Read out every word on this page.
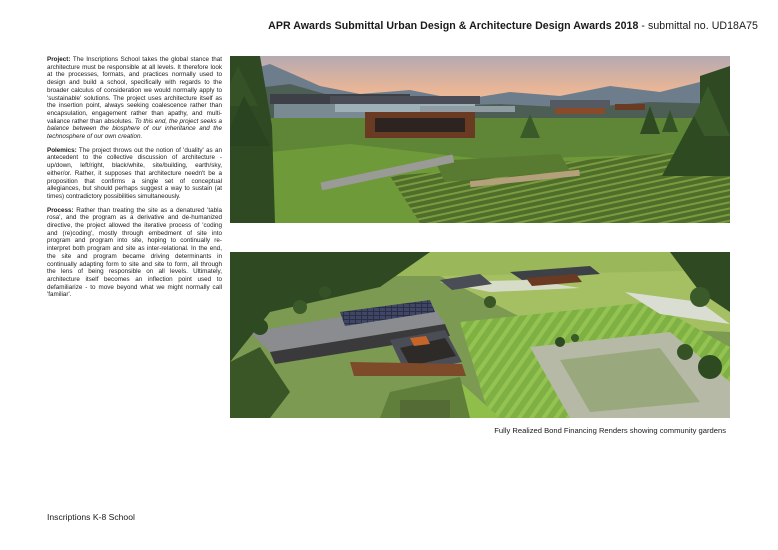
APR Awards Submittal Urban Design & Architecture Design Awards 2018 - submittal no. UD18A75

Project: The Inscriptions School takes the global stance that architecture must be responsible at all levels. It therefore look at the processes, formats, and practices normally used to design and build a school, specifically with regards to the broader calculus of consideration we would normally apply to 'sustainable' solutions. The project uses architecture itself as the insertion point, always seeking coalescence rather than encapsulation, engagement rather than apathy, and multi-valiance rather than absolutes. To this end, the project seeks a balance between the biosphere of our inheritance and the technosphere of our own creation.

Polemics: The project throws out the notion of 'duality' as an antecedent to the collective discussion of architecture - up/down, left/right, black/white, site/building, earth/sky, either/or. Rather, it supposes that architecture needn't be a proposition that confirms a single set of conceptual allegiances, but should perhaps suggest a way to sustain (at times) contradictory possibilities simultaneously.

Process: Rather than treating the site as a denatured 'tabla rosa', and the program as a derivative and de-humanized directive, the project allowed the iterative process of 'coding and (re)coding', mostly through embedment of site into program and program into site, hoping to continually re-interpret both program and site as inter-relational. In the end, the site and program became driving determinants in continually adapting form to site and site to form, all through the lens of being responsible on all levels. Ultimately, architecture itself becomes an inflection point used to defamiliarize - to move beyond what we might normally call 'familiar'.

Fully Realized Bond Financing Renders showing community gardens
Inscriptions K-8 School
